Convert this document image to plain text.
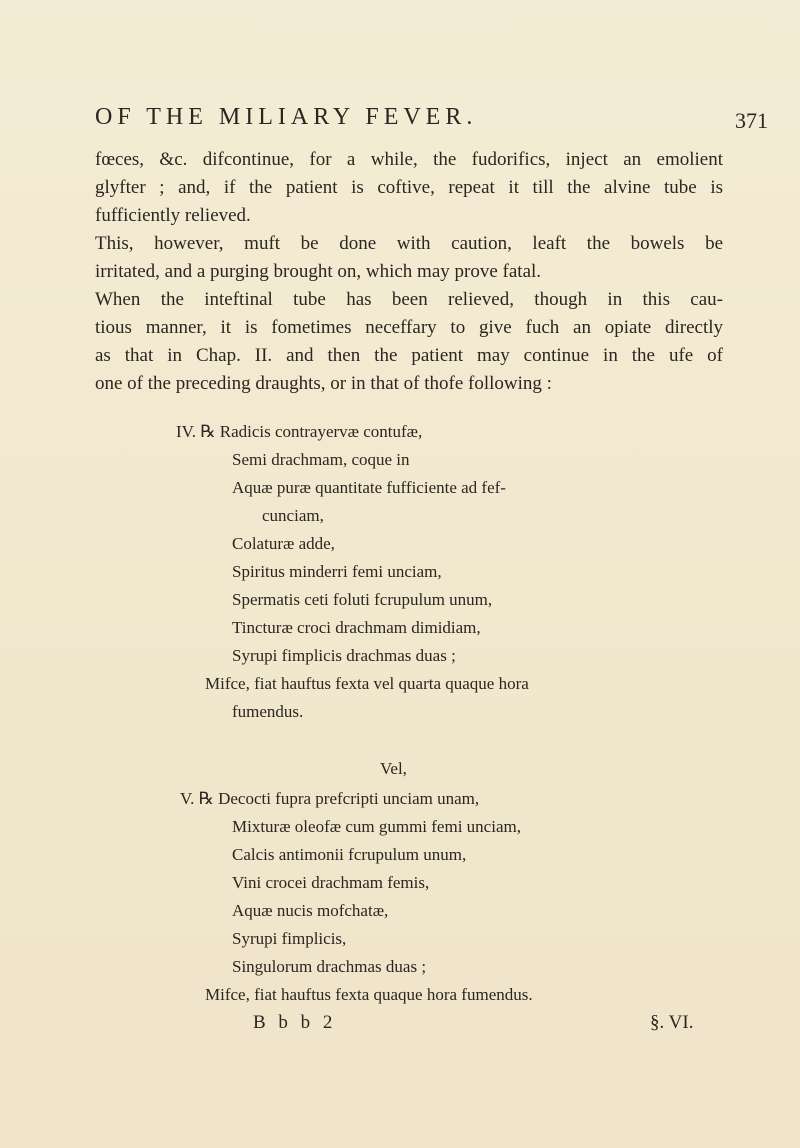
OF THE MILIARY FEVER.	371
fœces, &c. difcontinue, for a while, the fudorifics, inject an emolient
glyfter ; and, if the patient is coftive, repeat it till the alvine tube is
fufficiently relieved.
This, however, muft be done with caution, leaft the bowels be
irritated, and a purging brought on, which may prove fatal.
When the inteftinal tube has been relieved, though in this cau-
tious manner, it is fometimes neceffary to give fuch an opiate directly
as that in Chap. II. and then the patient may continue in the ufe of
one of the preceding draughts, or in that of thofe following :
IV. ℞ Radicis contrayervæ contufæ,
Semi drachmam, coque in
Aquæ puræ quantitate fufficiente ad fef-
cunciam,
Colaturæ adde,
Spiritus minderri femi unciam,
Spermatis ceti foluti fcrupulum unum,
Tincturæ croci drachmam dimidiam,
Syrupi fimplicis drachmas duas ;
Mifce, fiat hauftus fexta vel quarta quaque hora
fumendus.
Vel,
V. ℞ Decocti fupra prefcripti unciam unam,
Mixturæ oleofæ cum gummi femi unciam,
Calcis antimonii fcrupulum unum,
Vini crocei drachmam femis,
Aquæ nucis mofchatæ,
Syrupi fimplicis,
Singulorum drachmas duas ;
Mifce, fiat hauftus fexta quaque hora fumendus.
B b b 2	§. VI.
